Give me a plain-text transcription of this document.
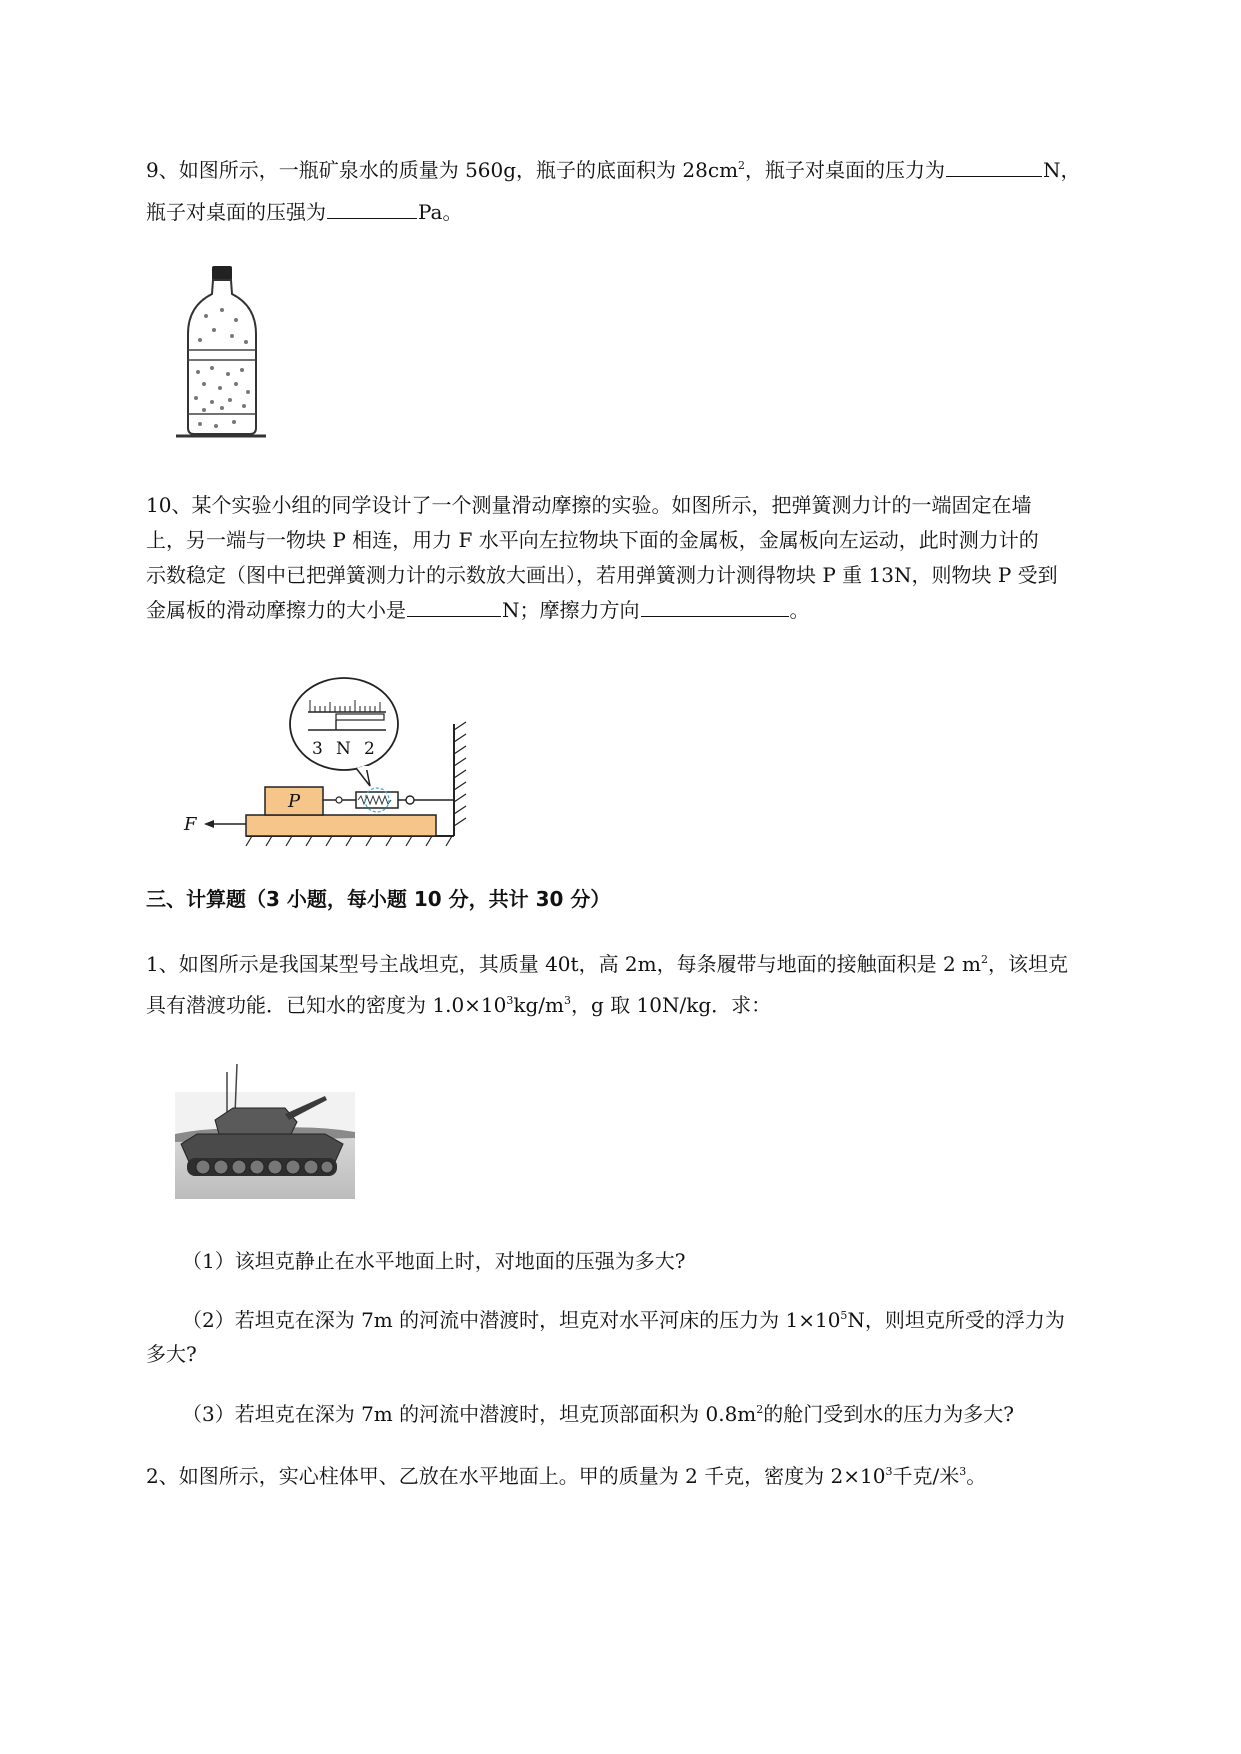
9、如图所示，一瓶矿泉水的质量为 560g，瓶子的底面积为 $28cm^2$，瓶子对桌面的压力为	N，
瓶子对桌面的压强为	Pa。
10、某个实验小组的同学设计了一个测量滑动摩擦的实验。如图所示，把弹簧测力计的一端固定在墙
上，另一端与一物块 P 相连，用力 F 水平向左拉物块下面的金属板，金属板向左运动，此时测力计的
示数稳定（图中已把弹簧测力计的示数放大画出），若用弹簧测力计测得物块 P 重 13N，则物块 P 受到
金属板的滑动摩擦力的大小是	N；摩擦力方向	。
P
F
3 N 2
三、计算题（3 小题，每小题 10 分，共计 30 分）
1、如图所示是我国某型号主战坦克，其质量 40t，高 2m，每条履带与地面的接触面积是 2 $m^2$，该坦克
具有潜渡功能．已知水的密度为 $1.0\times 10^3kg/m^3$，g 取 10N/kg．求：
（1）该坦克静止在水平地面上时，对地面的压强为多大?
（2）若坦克在深为 7m 的河流中潜渡时，坦克对水平河床的压力为 $1\times 10^5N$，则坦克所受的浮力为
多大?
（3）若坦克在深为 7m 的河流中潜渡时，坦克顶部面积为 $0.8m^2$的舱门受到水的压力为多大?
2、如图所示，实心柱体甲、乙放在水平地面上。甲的质量为 2 千克，密度为 $2\times 10^3$千克/米$^3$。
